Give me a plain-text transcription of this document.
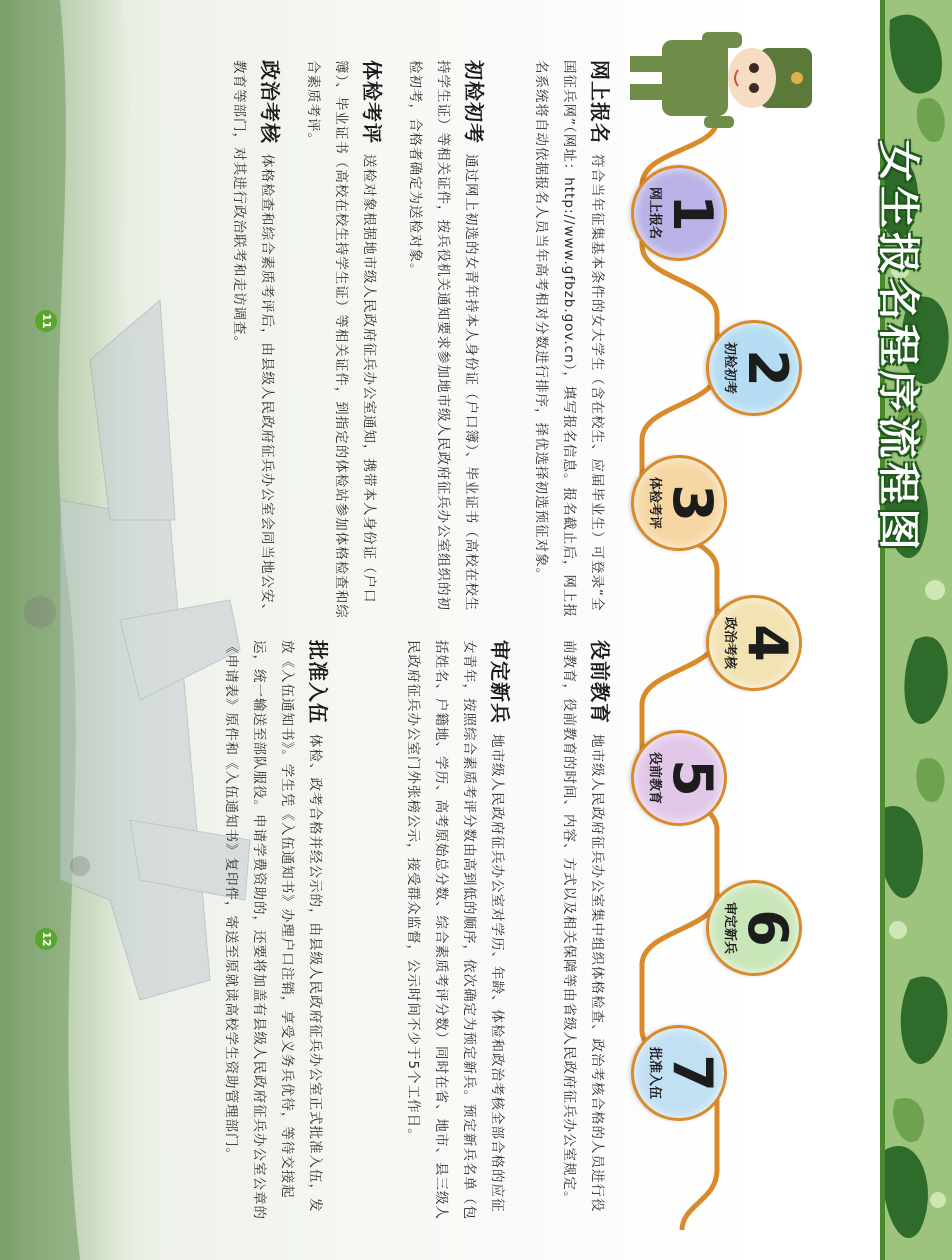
女生报名程序流程图
1
网上报名
2
初检初考
3
体检考评
4
政治考核
5
役前教育
6
审定新兵
7
批准入伍
网上报名符合当年征集基本条件的女大学生（含在校生、应届毕业生）可登录“全国征兵网”（网址：http://www.gfbzb.gov.cn），填写报名信息。报名截止后，网上报名系统将自动依据报名人员当年高考相对分数进行排序，择优选择初选预征对象。
初检初考通过网上初选的女青年持本人身份证（户口簿）、毕业证书（高校在校生持学生证）等相关证件，按兵役机关通知要求参加地市级人民政府征兵办公室组织的初检初考，合格者确定为送检对象。
体检考评送检对象根据地市级人民政府征兵办公室通知，携带本人身份证（户口簿）、毕业证书（高校在校生持学生证）等相关证件，到指定的体检站参加体格检查和综合素质考评。
政治考核体格检查和综合素质考评后，由县级人民政府征兵办公室会同当地公安、教育等部门，对其进行政治联考和走访调查。
役前教育地市级人民政府征兵办公室集中组织体格检查、政治考核合格的人员进行役前教育，役前教育的时间、内容、方式以及相关保障等由省级人民政府征兵办公室规定。
审定新兵地市级人民政府征兵办公室对学历、年龄、体检和政治考核全部合格的应征女青年，按照综合素质考评分数由高到低的顺序，依次确定为预定新兵。预定新兵名单（包括姓名、户籍地、学历、高考原始总分数、综合素质考评分数）同时在省、地市、县三级人民政府征兵办公室门外张榜公示，接受群众监督，公示时间不少于5个工作日。
批准入伍体检、政考合格并经公示的，由县级人民政府征兵办公室正式批准入伍，发放《入伍通知书》。学生凭《入伍通知书》办理户口注销，享受义务兵优待，等待交接起运，统一输送至部队服役。申请学费资助的，还要将加盖有县级人民政府征兵办公室公章的《申请表》原件和《入伍通知书》复印件，寄送至原就读高校学生资助管理部门。
11
12
